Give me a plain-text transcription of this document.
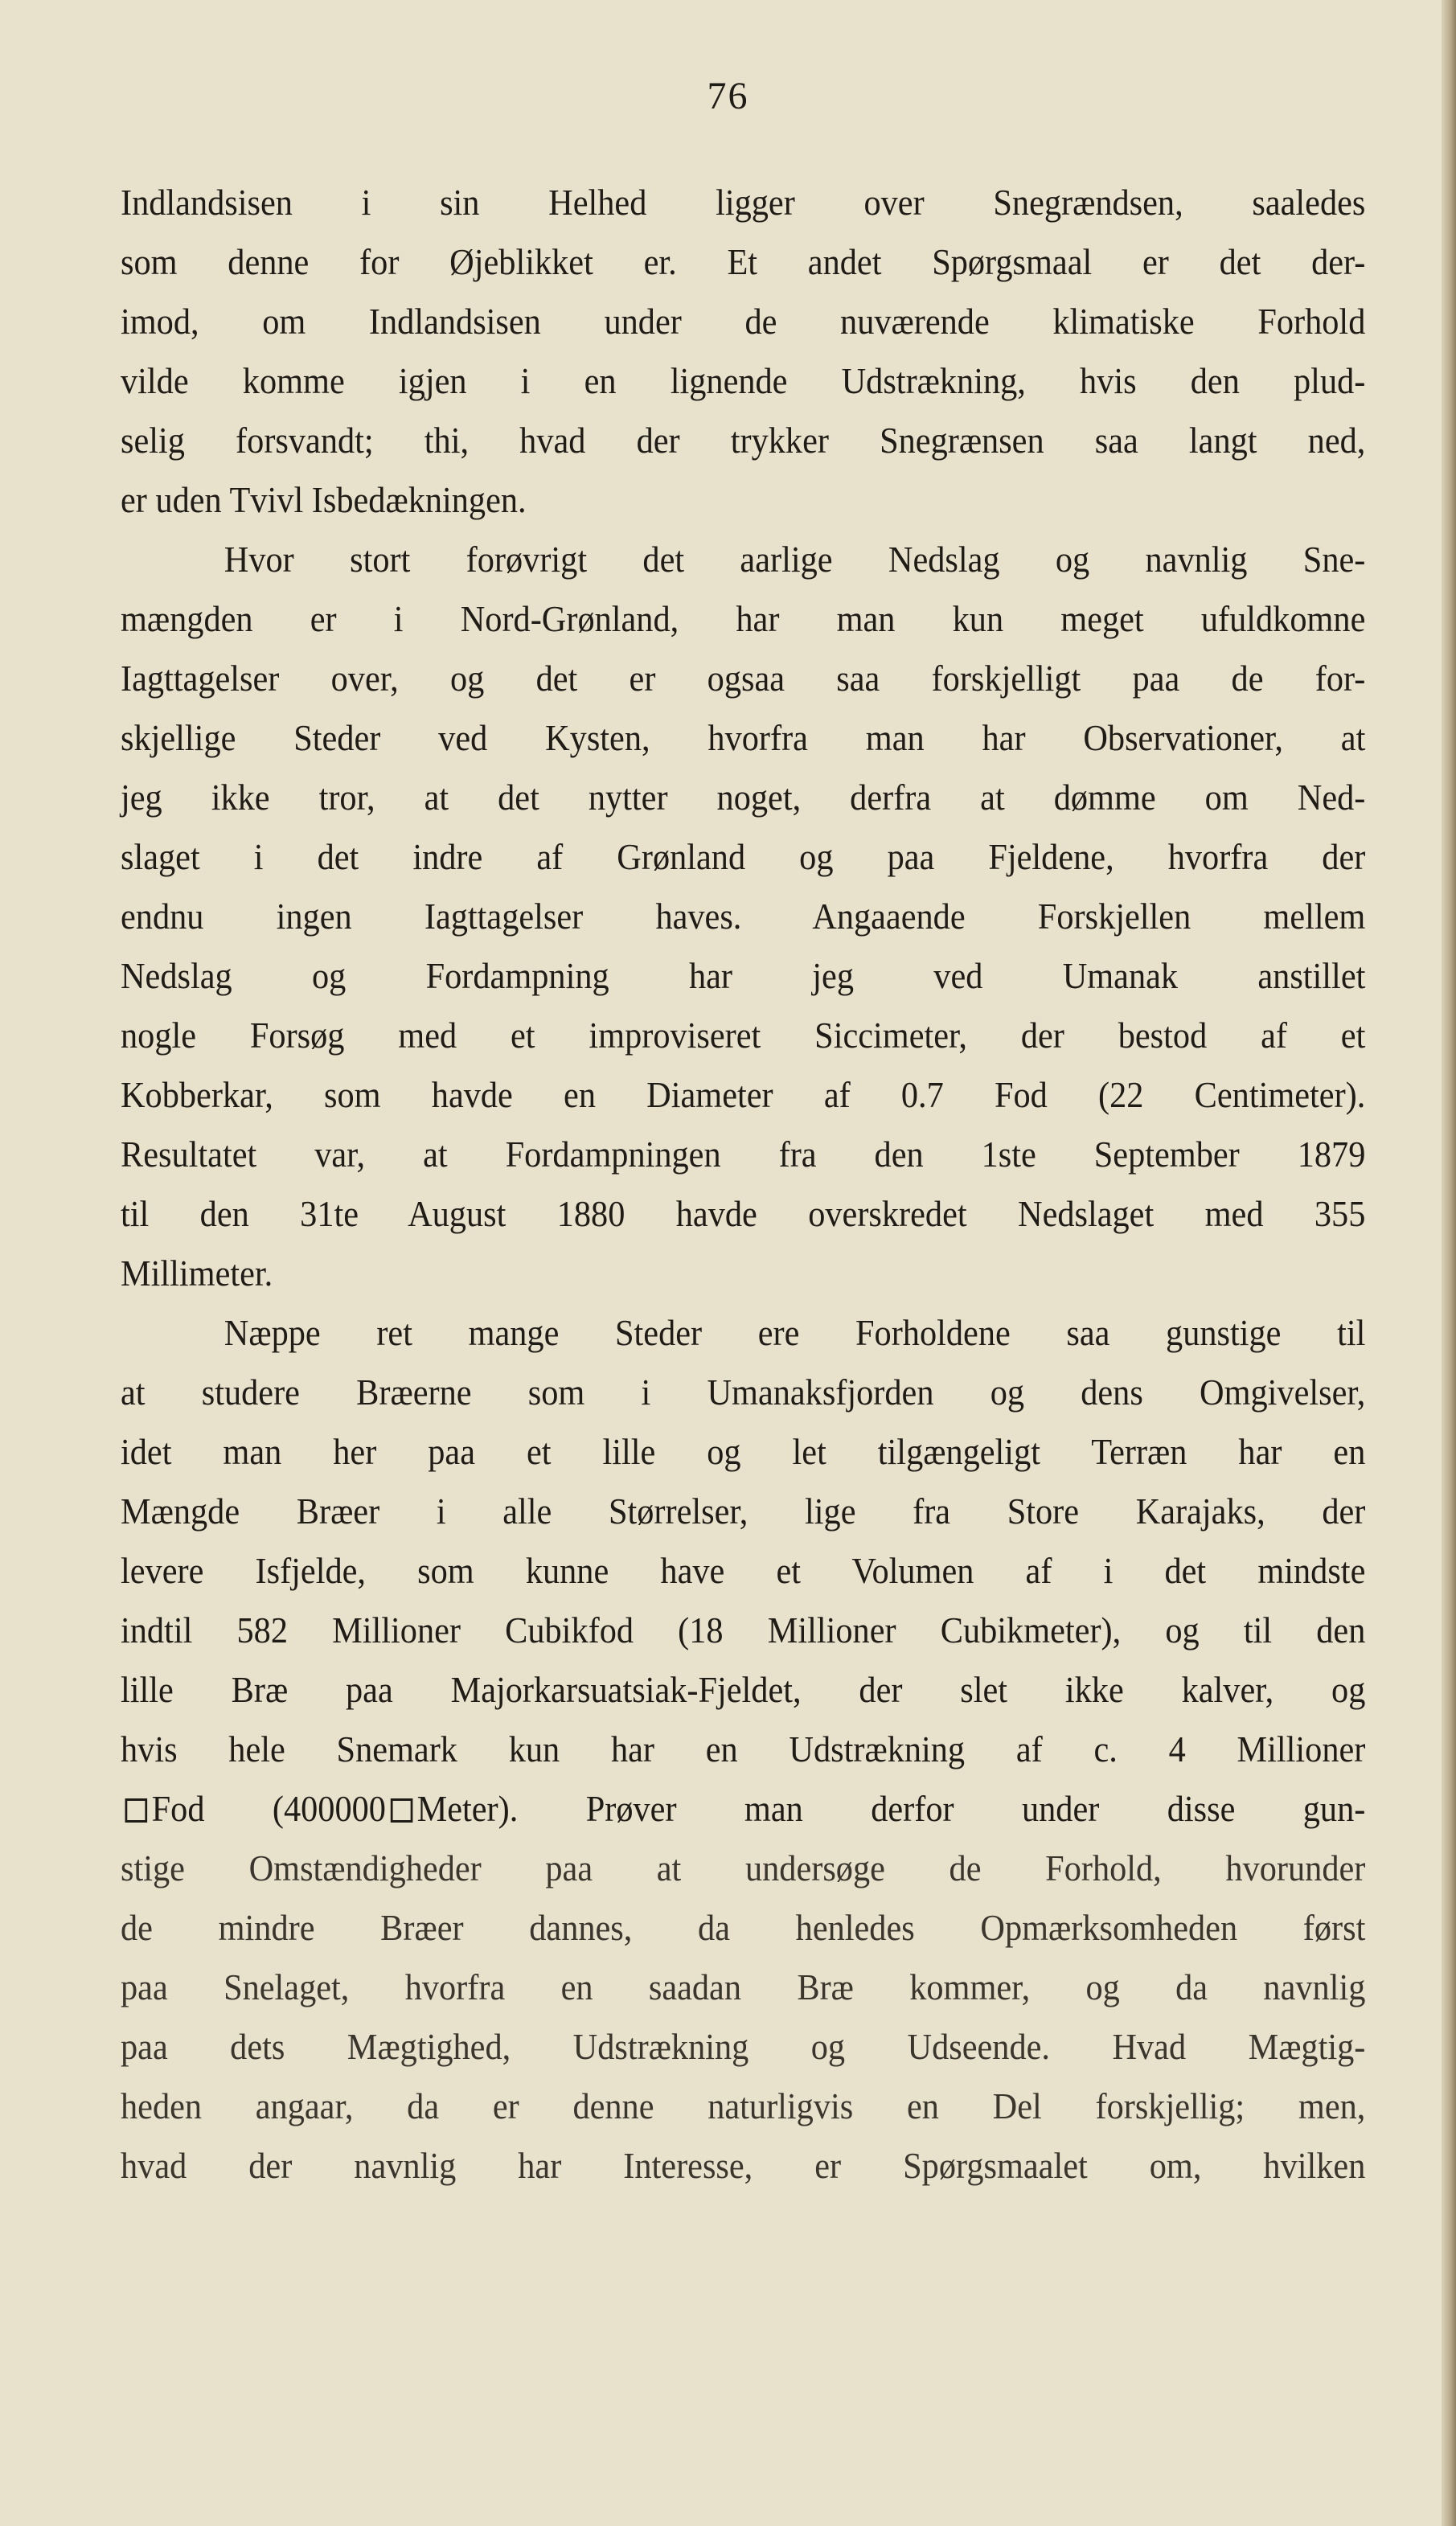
76
Indlandsisen i sin Helhed ligger over Snegrændsen, saaledes
som denne for Øjeblikket er. Et andet Spørgsmaal er det der-
imod, om Indlandsisen under de nuværende klimatiske Forhold
vilde komme igjen i en lignende Udstrækning, hvis den plud-
selig forsvandt; thi, hvad der trykker Snegrænsen saa langt ned,
er uden Tvivl Isbedækningen.
Hvor stort forøvrigt det aarlige Nedslag og navnlig Sne-
mængden er i Nord-Grønland, har man kun meget ufuldkomne
Iagttagelser over, og det er ogsaa saa forskjelligt paa de for-
skjellige Steder ved Kysten, hvorfra man har Observationer, at
jeg ikke tror, at det nytter noget, derfra at dømme om Ned-
slaget i det indre af Grønland og paa Fjeldene, hvorfra der
endnu ingen Iagttagelser haves. Angaaende Forskjellen mellem
Nedslag og Fordampning har jeg ved Umanak anstillet
nogle Forsøg med et improviseret Siccimeter, der bestod af et
Kobberkar, som havde en Diameter af 0.7 Fod (22 Centimeter).
Resultatet var, at Fordampningen fra den 1ste September 1879
til den 31te August 1880 havde overskredet Nedslaget med 355
Millimeter.
Næppe ret mange Steder ere Forholdene saa gunstige til
at studere Bræerne som i Umanaksfjorden og dens Omgivelser,
idet man her paa et lille og let tilgængeligt Terræn har en
Mængde Bræer i alle Størrelser, lige fra Store Karajaks, der
levere Isfjelde, som kunne have et Volumen af i det mindste
indtil 582 Millioner Cubikfod (18 Millioner Cubikmeter), og til den
lille Bræ paa Majorkarsuatsiak-Fjeldet, der slet ikke kalver, og
hvis hele Snemark kun har en Udstrækning af c. 4 Millioner
Fod (400000 Meter). Prøver man derfor under disse gun-
stige Omstændigheder paa at undersøge de Forhold, hvorunder
de mindre Bræer dannes, da henledes Opmærksomheden først
paa Snelaget, hvorfra en saadan Bræ kommer, og da navnlig
paa dets Mægtighed, Udstrækning og Udseende. Hvad Mægtig-
heden angaar, da er denne naturligvis en Del forskjellig; men,
hvad der navnlig har Interesse, er Spørgsmaalet om, hvilken
